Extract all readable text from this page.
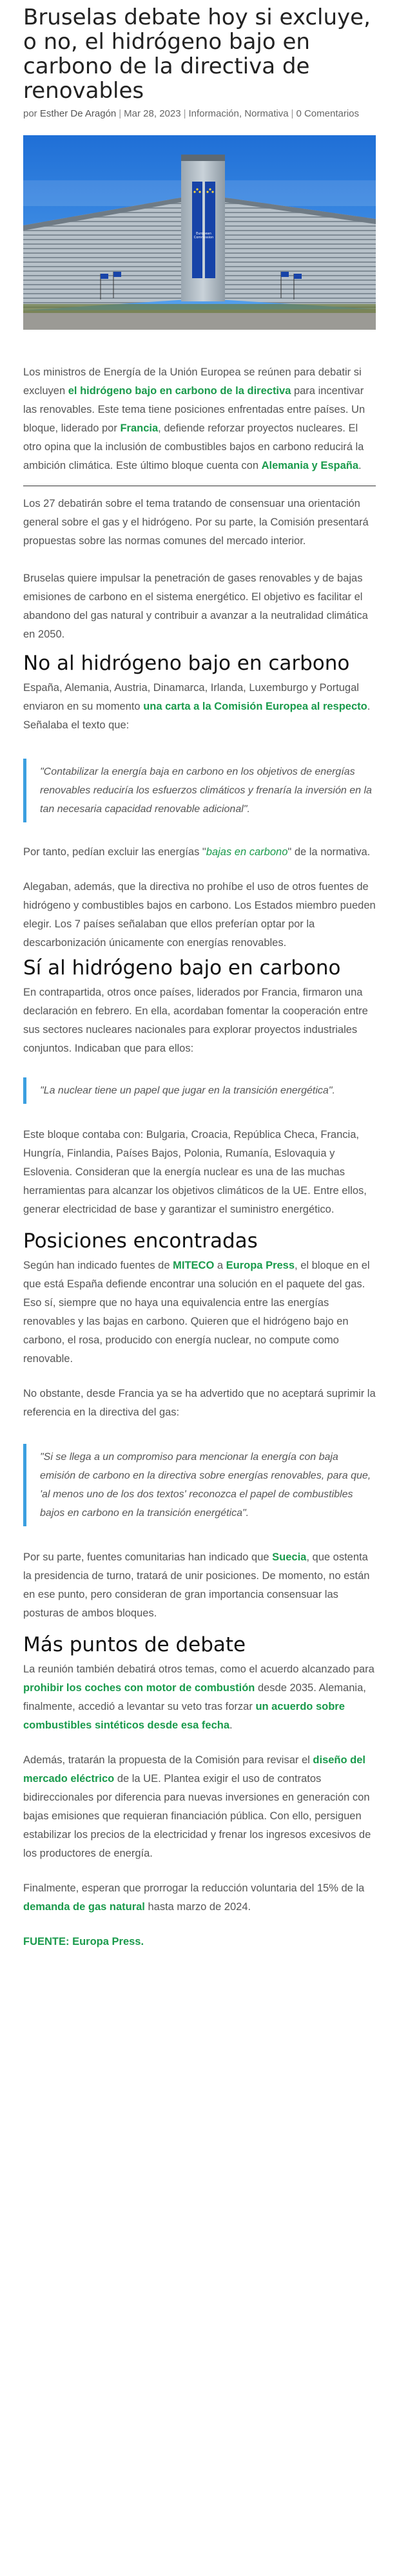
Bruselas debate hoy si excluye, o no, el hidrógeno bajo en carbono de la directiva de renovables
por Esther De Aragón | Mar 28, 2023 | Información, Normativa | 0 Comentarios
European Commission

Los ministros de Energía de la Unión Europea se reúnen para debatir si excluyen el hidrógeno bajo en carbono de la directiva para incentivar las renovables. Este tema tiene posiciones enfrentadas entre países. Un bloque, liderado por Francia, defiende reforzar proyectos nucleares. El otro opina que la inclusión de combustibles bajos en carbono reducirá la ambición climática. Este último bloque cuenta con Alemania y España.

Los 27 debatirán sobre el tema tratando de consensuar una orientación general sobre el gas y el hidrógeno. Por su parte, la Comisión presentará propuestas sobre las normas comunes del mercado interior.

Bruselas quiere impulsar la penetración de gases renovables y de bajas emisiones de carbono en el sistema energético. El objetivo es facilitar el abandono del gas natural y contribuir a avanzar a la neutralidad climática en 2050.

No al hidrógeno bajo en carbono

España, Alemania, Austria, Dinamarca, Irlanda, Luxemburgo y Portugal enviaron en su momento una carta a la Comisión Europea al respecto. Señalaba el texto que:

"Contabilizar la energía baja en carbono en los objetivos de energías renovables reduciría los esfuerzos climáticos y frenaría la inversión en la tan necesaria capacidad renovable adicional".

Por tanto, pedían excluir las energías "bajas en carbono" de la normativa.

Alegaban, además, que la directiva no prohíbe el uso de otros fuentes de hidrógeno y combustibles bajos en carbono. Los Estados miembro pueden elegir. Los 7 países señalaban que ellos preferían optar por la descarbonización únicamente con energías renovables.

Sí al hidrógeno bajo en carbono

En contrapartida, otros once países, liderados por Francia, firmaron una declaración en febrero. En ella, acordaban fomentar la cooperación entre sus sectores nucleares nacionales para explorar proyectos industriales conjuntos. Indicaban que para ellos:

"La nuclear tiene un papel que jugar en la transición energética".

Este bloque contaba con: Bulgaria, Croacia, República Checa, Francia, Hungría, Finlandia, Países Bajos, Polonia, Rumanía, Eslovaquia y Eslovenia. Consideran que la energía nuclear es una de las muchas herramientas para alcanzar los objetivos climáticos de la UE. Entre ellos, generar electricidad de base y garantizar el suministro energético.

Posiciones encontradas

Según han indicado fuentes de MITECO a Europa Press, el bloque en el que está España defiende encontrar una solución en el paquete del gas. Eso sí, siempre que no haya una equivalencia entre las energías renovables y las bajas en carbono. Quieren que el hidrógeno bajo en carbono, el rosa, producido con energía nuclear, no compute como renovable.

No obstante, desde Francia ya se ha advertido que no aceptará suprimir la referencia en la directiva del gas:

"Si se llega a un compromiso para mencionar la energía con baja emisión de carbono en la directiva sobre energías renovables, para que, 'al menos uno de los dos textos' reconozca el papel de combustibles bajos en carbono en la transición energética".

Por su parte, fuentes comunitarias han indicado que Suecia, que ostenta la presidencia de turno, tratará de unir posiciones. De momento, no están en ese punto, pero consideran de gran importancia consensuar las posturas de ambos bloques.

Más puntos de debate

La reunión también debatirá otros temas, como el acuerdo alcanzado para prohibir los coches con motor de combustión desde 2035. Alemania, finalmente, accedió a levantar su veto tras forzar un acuerdo sobre combustibles sintéticos desde esa fecha.

Además, tratarán la propuesta de la Comisión para revisar el diseño del mercado eléctrico de la UE. Plantea exigir el uso de contratos bidireccionales por diferencia para nuevas inversiones en generación con bajas emisiones que requieran financiación pública. Con ello, persiguen estabilizar los precios de la electricidad y frenar los ingresos excesivos de los productores de energía.

Finalmente, esperan que prorrogar la reducción voluntaria del 15% de la demanda de gas natural hasta marzo de 2024.

FUENTE: Europa Press.
